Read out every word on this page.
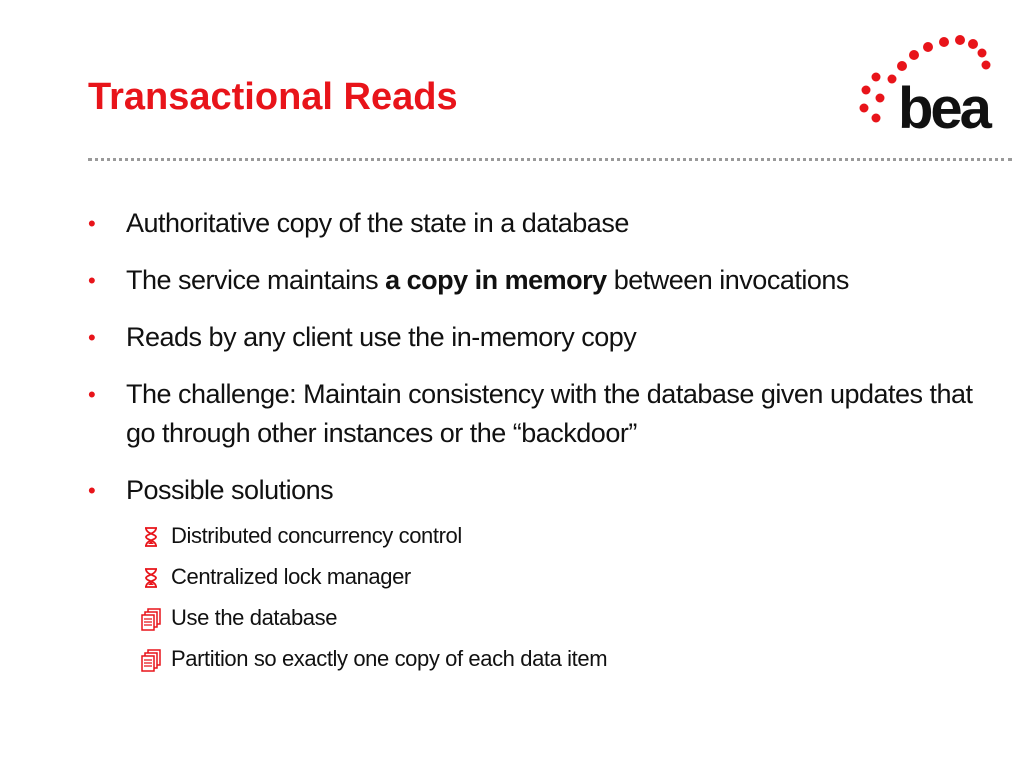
Transactional Reads	bea
• Authoritative copy of the state in a database
• The service maintains a copy in memory between invocations
• Reads by any client use the in-memory copy
• The challenge: Maintain consistency with the database given updates that go through other instances or the “backdoor”
• Possible solutions
Distributed concurrency control
Centralized lock manager
Use the database
Partition so exactly one copy of each data item
